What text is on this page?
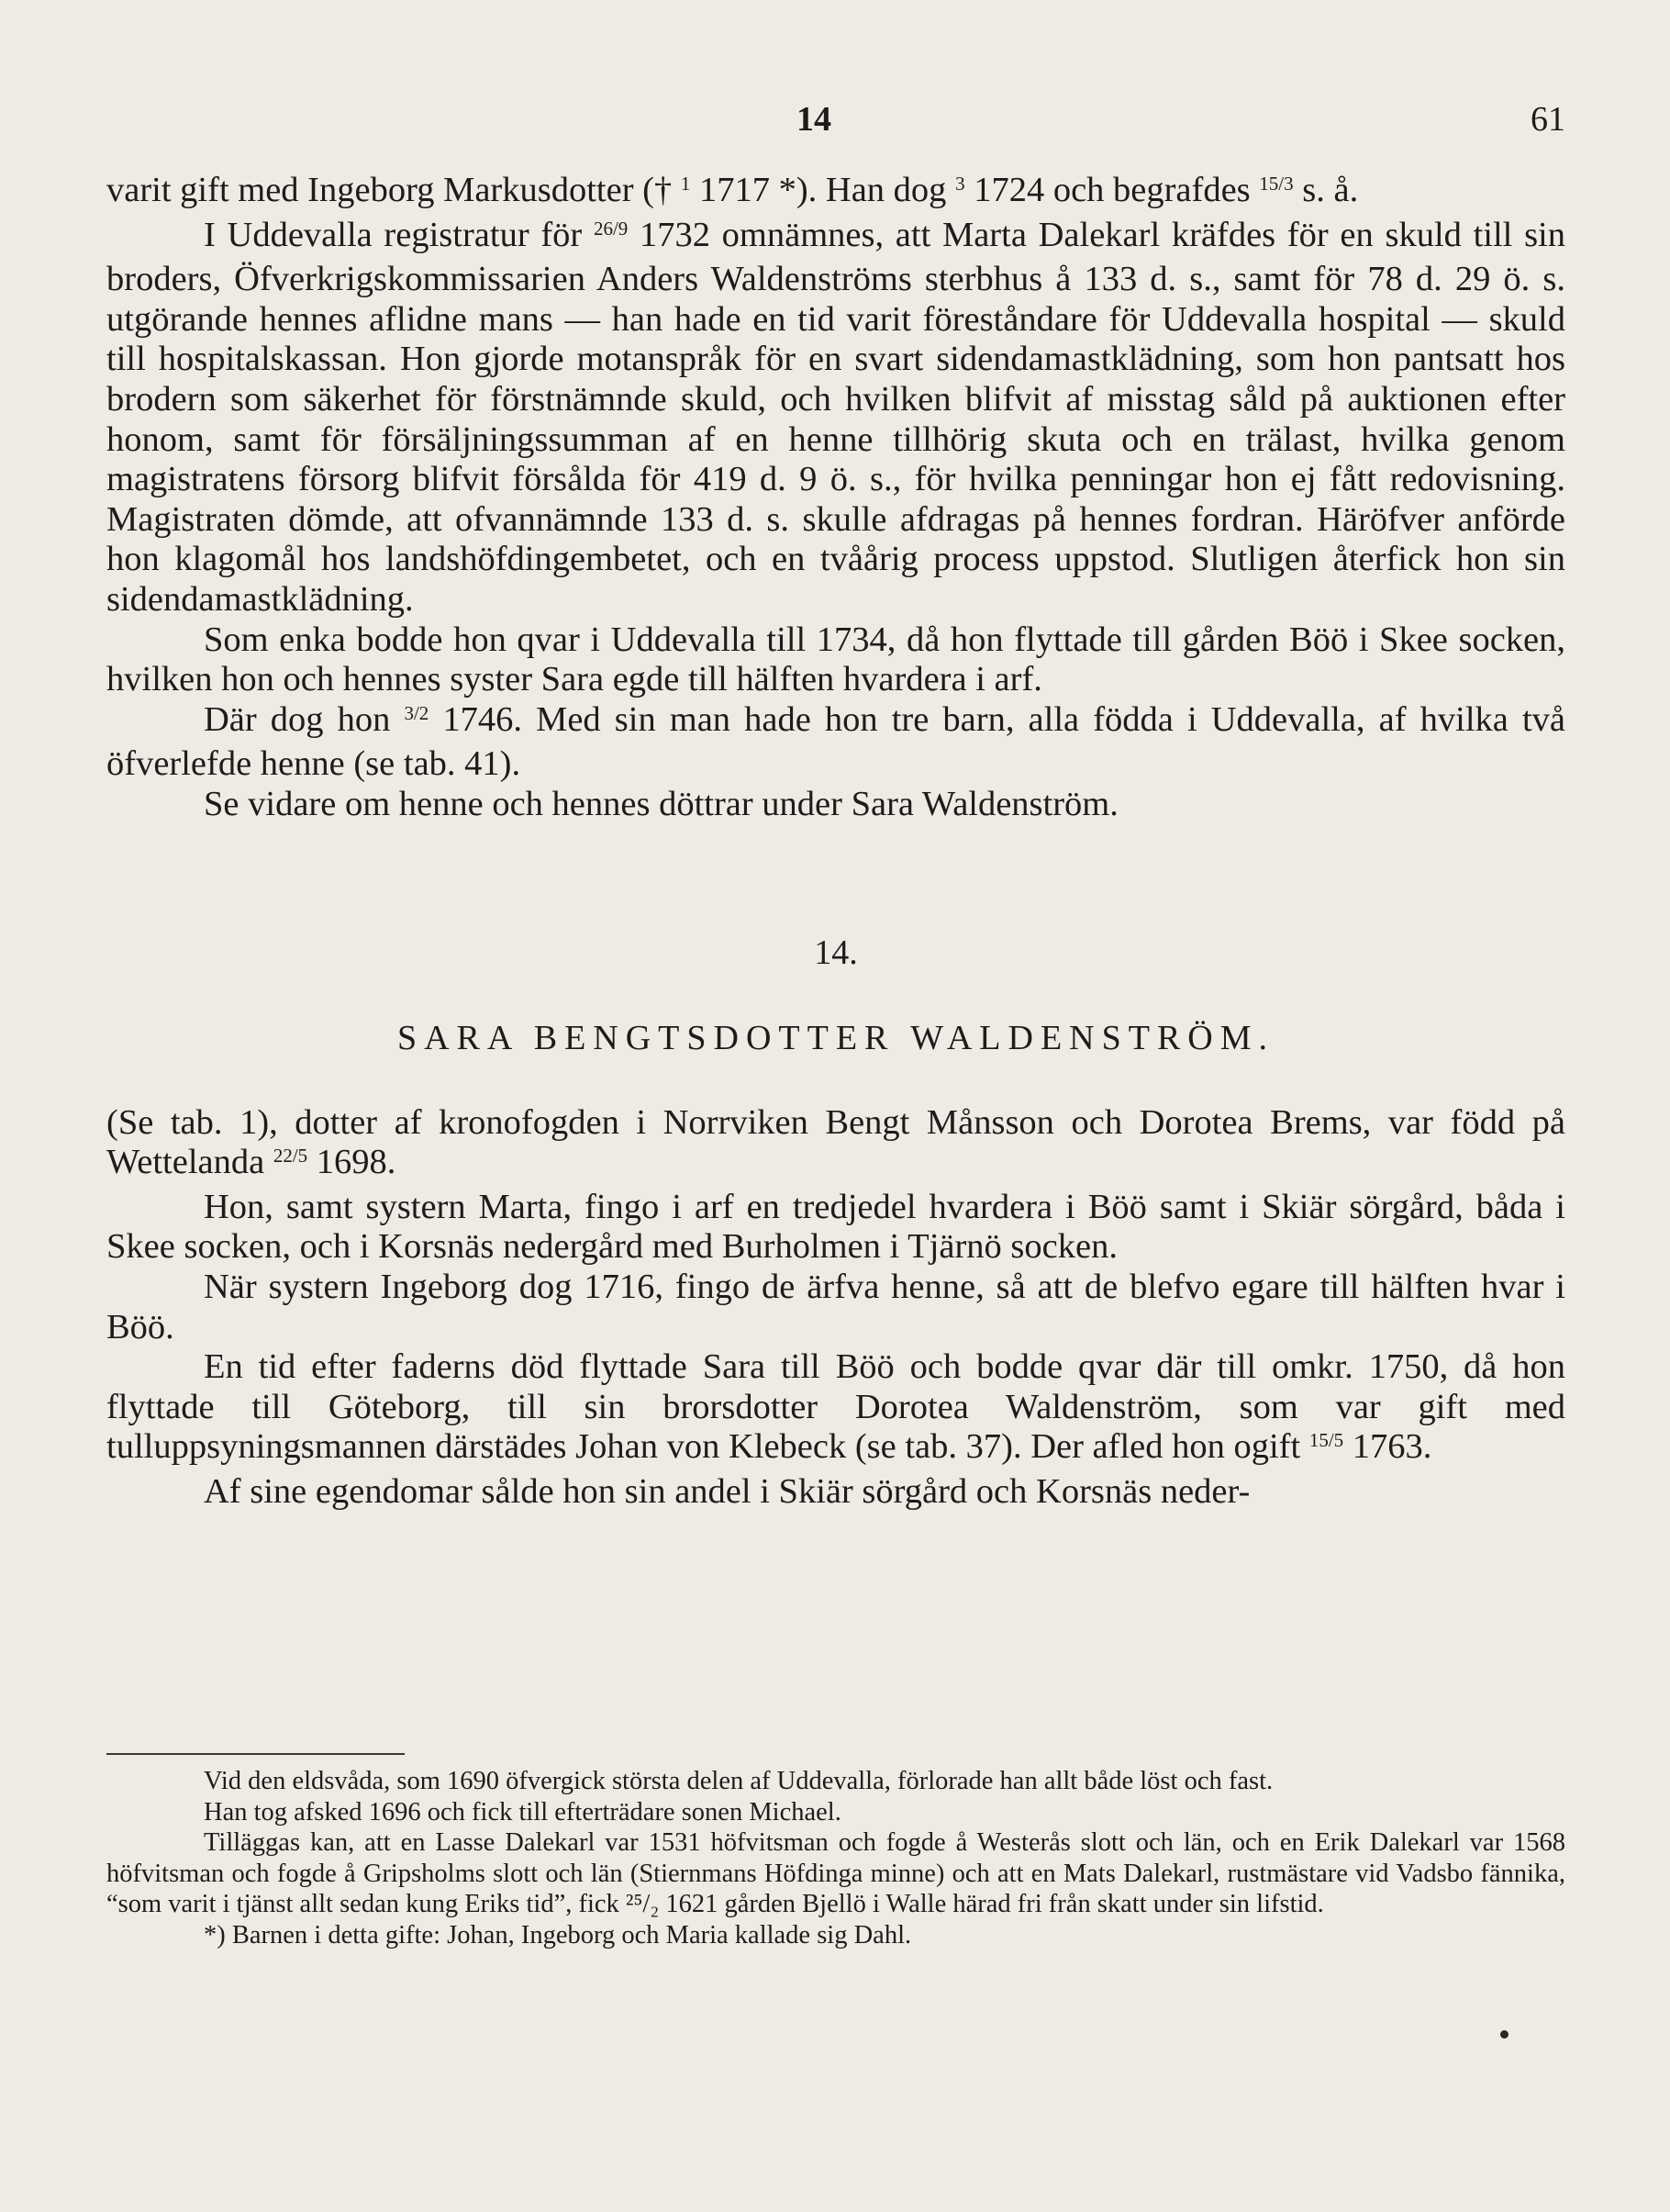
14	61

varit gift med Ingeborg Markusdotter († $^1$ 1717 *). Han dog $^3$ 1724 och begrafdes $^{15/3}$ s. å.

I Uddevalla registratur för $^{26/9}$ 1732 omnämnes, att Marta Dalekarl kräfdes för en skuld till sin broders, Öfverkrigskommissarien Anders Waldenströms sterbhus å 133 d. s., samt för 78 d. 29 ö. s. utgörande hennes aflidne mans — han hade en tid varit föreståndare för Uddevalla hospital — skuld till hospitalskassan. Hon gjorde motanspråk för en svart sidendamastklädning, som hon pantsatt hos brodern som säkerhet för förstnämnde skuld, och hvilken blifvit af misstag såld på auktionen efter honom, samt för försäljningssumman af en henne tillhörig skuta och en trälast, hvilka genom magistratens försorg blifvit försålda för 419 d. 9 ö. s., för hvilka penningar hon ej fått redovisning. Magistraten dömde, att ofvannämnde 133 d. s. skulle afdragas på hennes fordran. Häröfver anförde hon klagomål hos landshöfdingembetet, och en tvåårig process uppstod. Slutligen återfick hon sin sidendamastklädning.

Som enka bodde hon qvar i Uddevalla till 1734, då hon flyttade till gården Böö i Skee socken, hvilken hon och hennes syster Sara egde till hälften hvardera i arf.

Där dog hon $^{3/2}$ 1746. Med sin man hade hon tre barn, alla födda i Uddevalla, af hvilka två öfverlefde henne (se tab. 41).

Se vidare om henne och hennes döttrar under Sara Waldenström.

14.
SARA BENGTSDOTTER WALDENSTRÖM.

(Se tab. 1), dotter af kronofogden i Norrviken Bengt Månsson och Dorotea Brems, var född på Wettelanda $^{22/5}$ 1698.

Hon, samt systern Marta, fingo i arf en tredjedel hvardera i Böö samt i Skiär sörgård, båda i Skee socken, och i Korsnäs nedergård med Burholmen i Tjärnö socken.

När systern Ingeborg dog 1716, fingo de ärfva henne, så att de blefvo egare till hälften hvar i Böö.

En tid efter faderns död flyttade Sara till Böö och bodde qvar där till omkr. 1750, då hon flyttade till Göteborg, till sin brorsdotter Dorotea Waldenström, som var gift med tulluppsyningsmannen därstädes Johan von Klebeck (se tab. 37). Der afled hon ogift $^{15/5}$ 1763.

Af sine egendomar sålde hon sin andel i Skiär sörgård och Korsnäs neder-

Vid den eldsvåda, som 1690 öfvergick största delen af Uddevalla, förlorade han allt både löst och fast.

Han tog afsked 1696 och fick till efterträdare sonen Michael.

Tilläggas kan, att en Lasse Dalekarl var 1531 höfvitsman och fogde å Westerås slott och län, och en Erik Dalekarl var 1568 höfvitsman och fogde å Gripsholms slott och län (Stiernmans Höfdinga minne) och att en Mats Dalekarl, rustmästare vid Vadsbo fännika, “som varit i tjänst allt sedan kung Eriks tid”, fick ²⁵/₂ 1621 gården Bjellö i Walle härad fri från skatt under sin lifstid.

*) Barnen i detta gifte: Johan, Ingeborg och Maria kallade sig Dahl.
